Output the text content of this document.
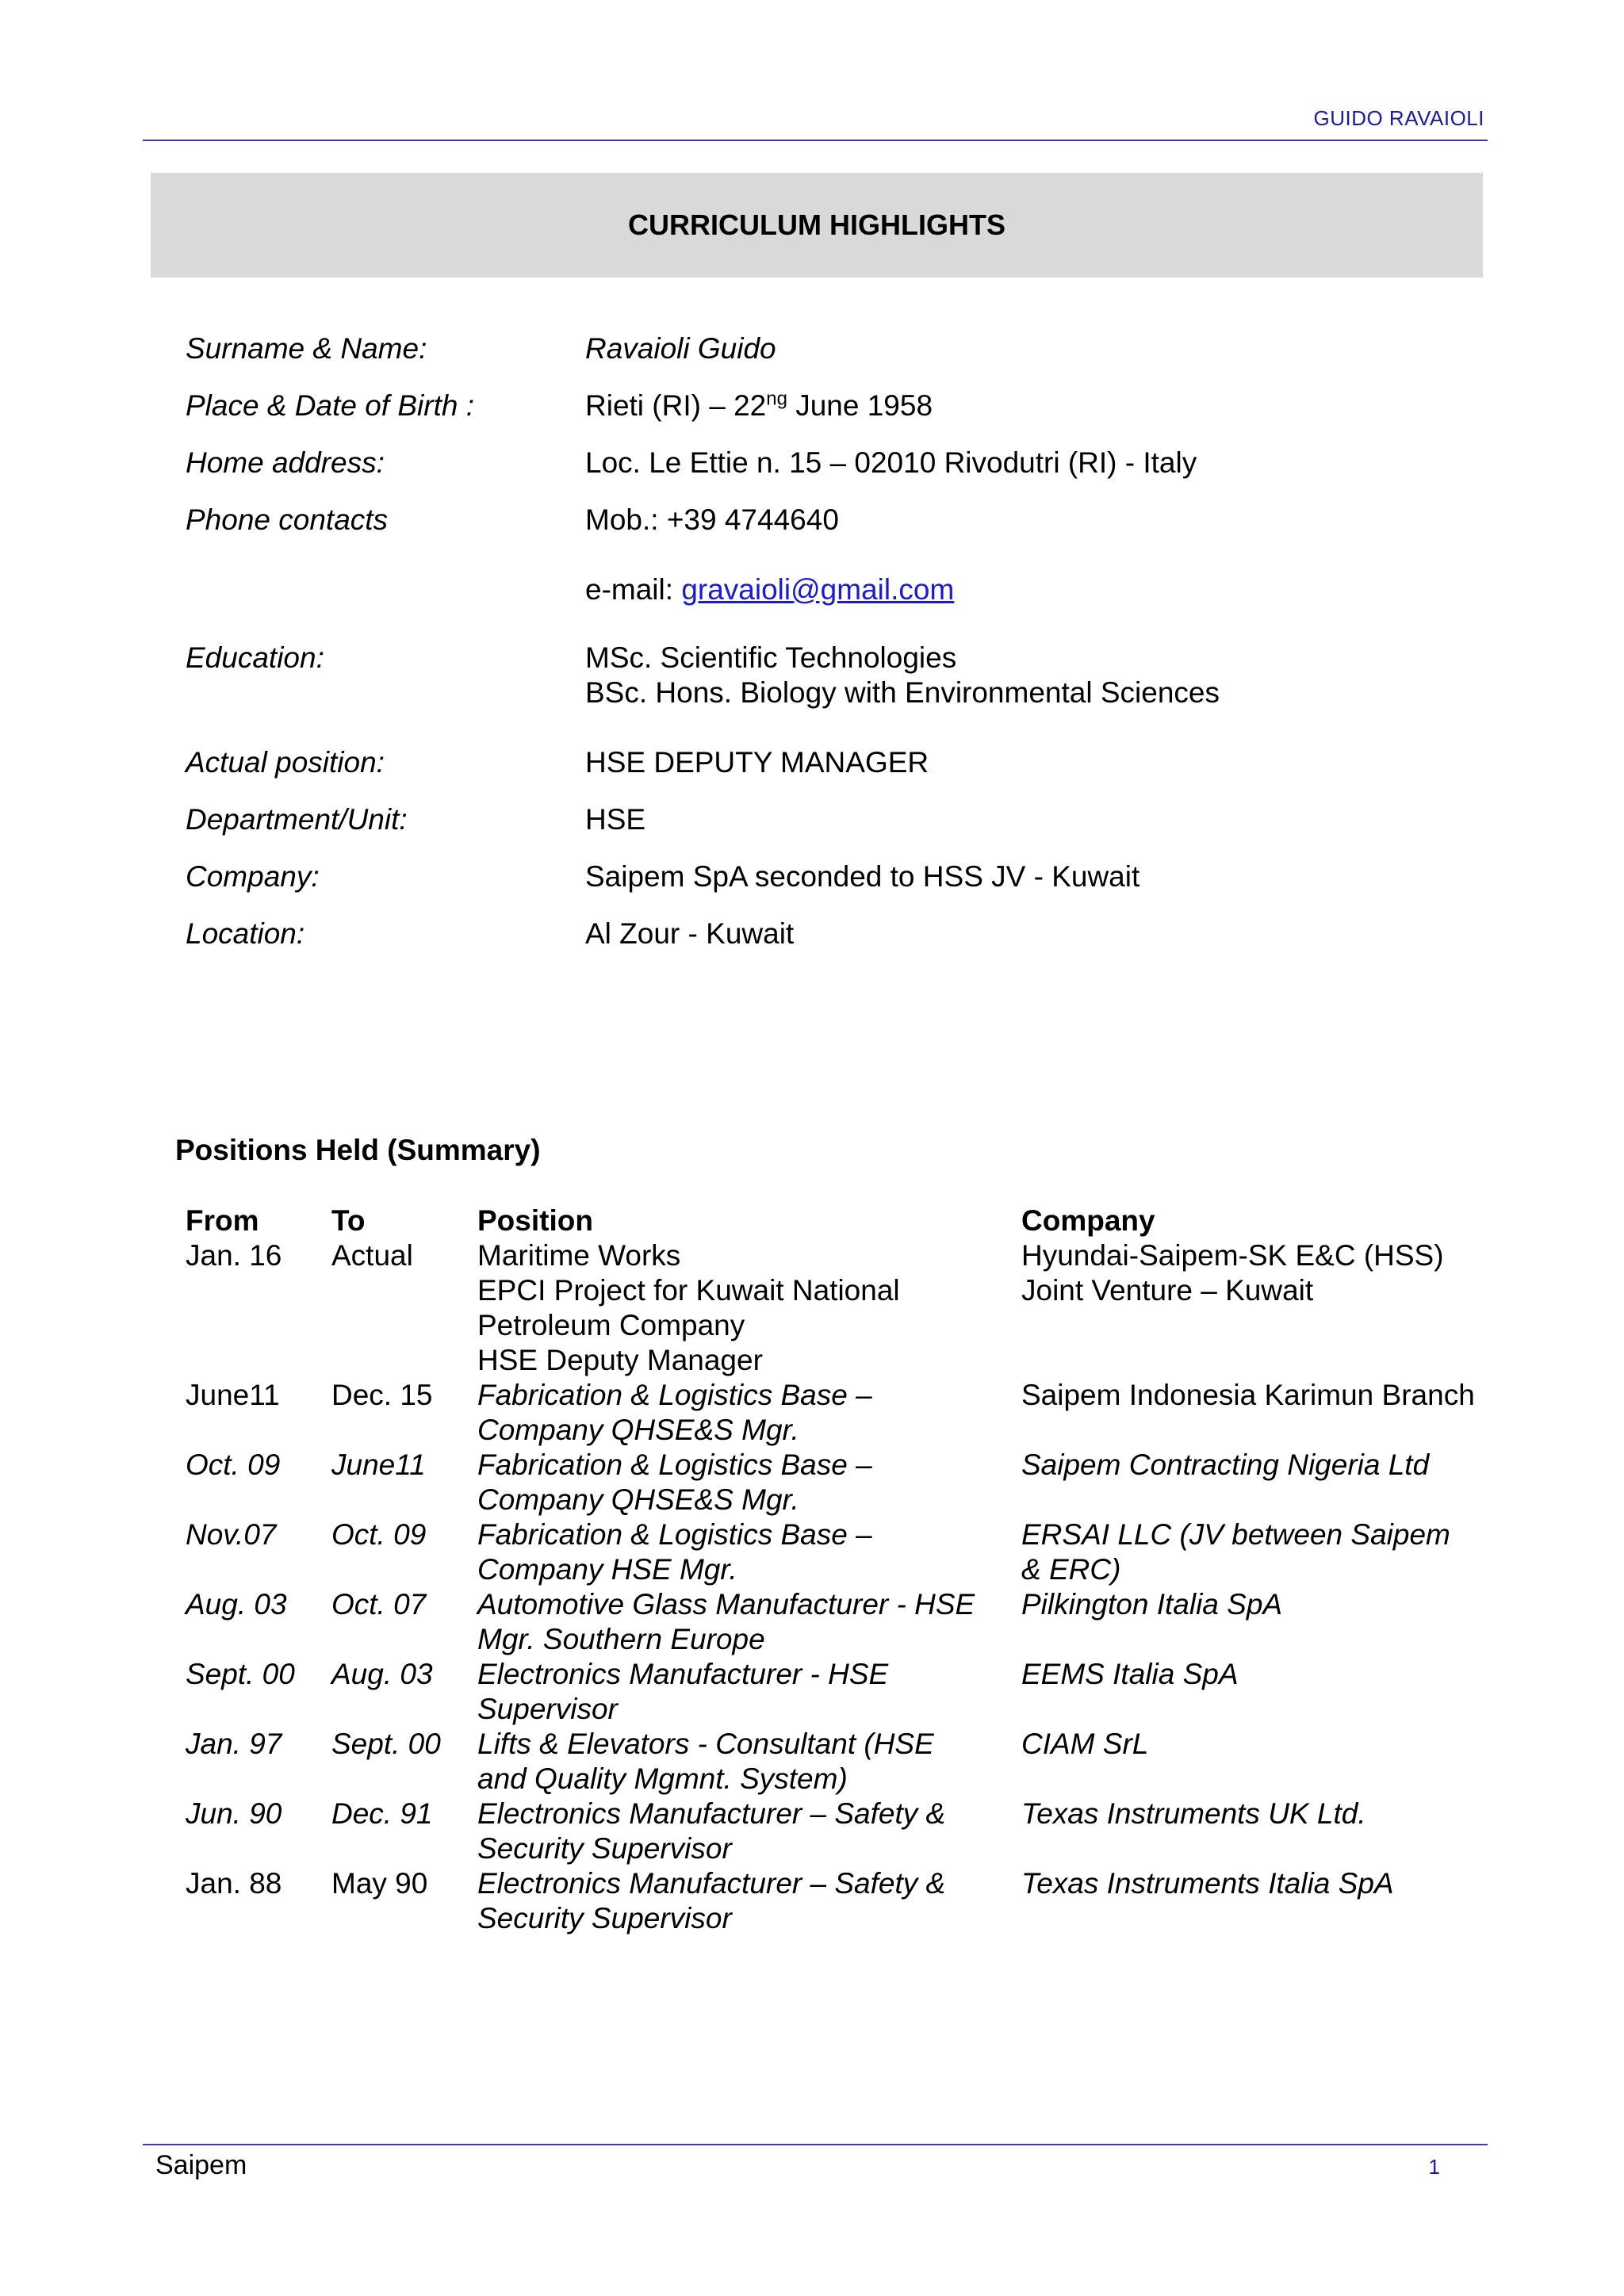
GUIDO RAVAIOLI
CURRICULUM HIGHLIGHTS
Surname & Name:	Ravaioli Guido
Place & Date of Birth :	Rieti $(RI) - 22^{ng}$ June 1958
Home address:	Loc. Le Ettie n. 15 – 02010 Rivodutri (RI) - Italy
Phone contacts	Mob.: +39 4744640
e-mail: gravaioli@gmail.com
Education:	MSc. Scientific Technologies
BSc. Hons. Biology with Environmental Sciences
Actual position:	HSE DEPUTY MANAGER
Department/Unit:	HSE
Company:	Saipem SpA seconded to HSS JV - Kuwait
Location:	Al Zour - Kuwait
Positions Held (Summary)
From	To	Position	Company
Jan. 16	Actual	Maritime Works
EPCI Project for Kuwait National
Petroleum Company
HSE Deputy Manager	Hyundai-Saipem-SK E&C (HSS)
Joint Venture – Kuwait

June11	Dec. 15	Fabrication & Logistics Base –
Company QHSE&S Mgr.	Saipem Indonesia Karimun Branch

Oct. 09	June11	Fabrication & Logistics Base –
Company QHSE&S Mgr.	Saipem Contracting Nigeria Ltd

Nov.07	Oct. 09	Fabrication & Logistics Base –
Company HSE Mgr.	ERSAI LLC (JV between Saipem
& ERC)

Aug. 03	Oct. 07	Automotive Glass Manufacturer - HSE
Mgr. Southern Europe	Pilkington Italia SpA

Sept. 00	Aug. 03	Electronics Manufacturer - HSE
Supervisor	EEMS Italia SpA

Jan. 97	Sept. 00	Lifts & Elevators - Consultant (HSE
and Quality Mgmnt. System)	CIAM SrL

Jun. 90	Dec. 91	Electronics Manufacturer – Safety &
Security Supervisor	Texas Instruments UK Ltd.

Jan. 88	May 90	Electronics Manufacturer – Safety &
Security Supervisor	Texas Instruments Italia SpA
Saipem	1
